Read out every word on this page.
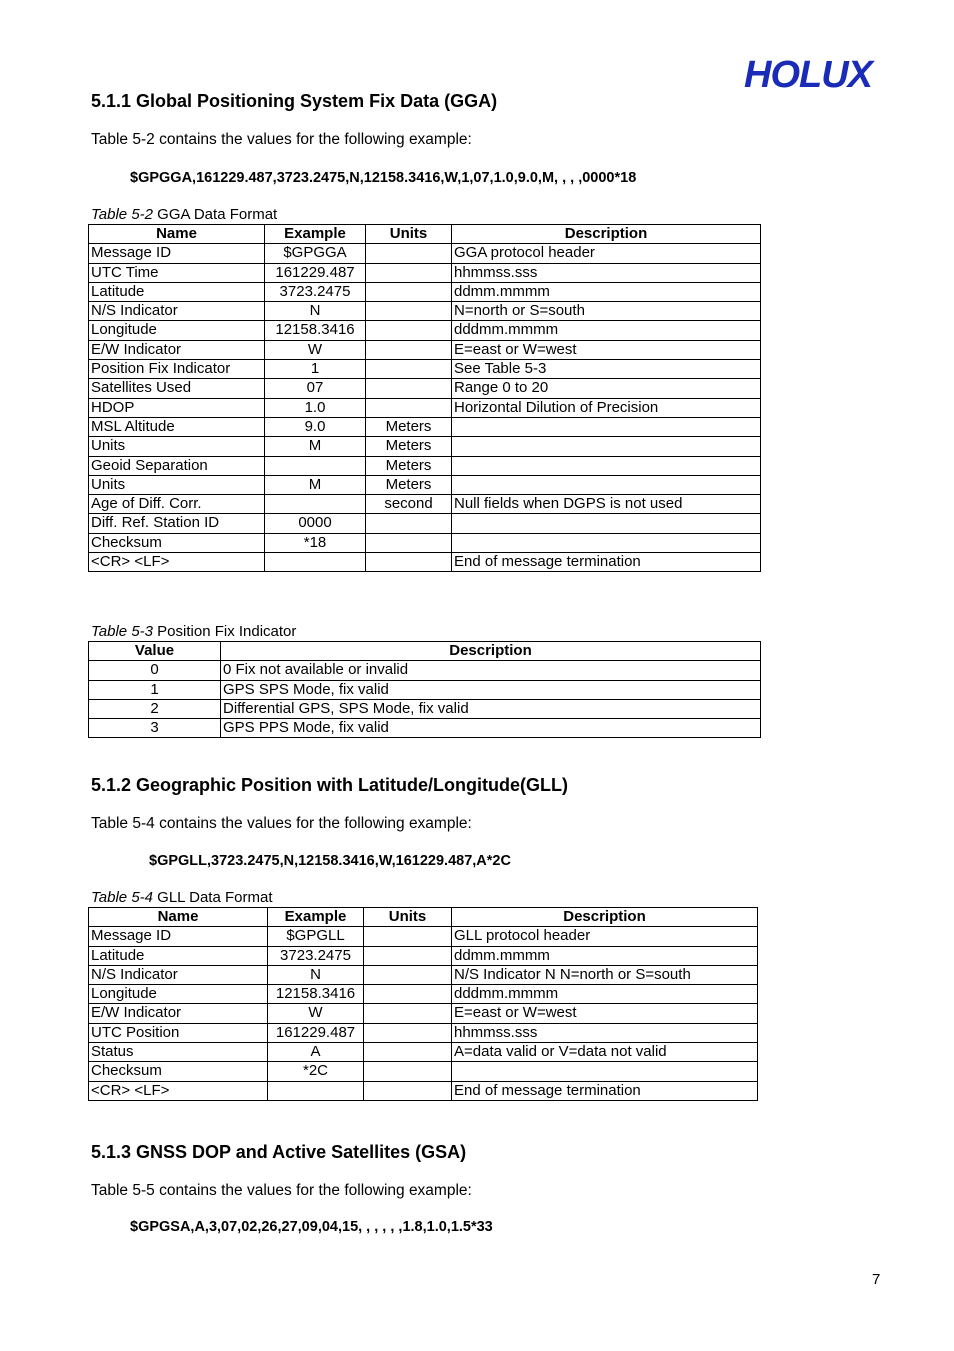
HOLUX
5.1.1 Global Positioning System Fix Data (GGA)

Table 5-2 contains the values for the following example:

$GPGGA,161229.487,3723.2475,N,12158.3416,W,1,07,1.0,9.0,M, , , ,0000*18

Table 5-2 GGA Data Format

Name	Example	Units	Description
Message ID	$GPGGA		GGA protocol header
UTC Time	161229.487		hhmmss.sss
Latitude	3723.2475		ddmm.mmmm
N/S Indicator	N		N=north or S=south
Longitude	12158.3416		dddmm.mmmm
E/W Indicator	W		E=east or W=west
Position Fix Indicator	1		See Table 5-3
Satellites Used	07		Range 0 to 20
HDOP	1.0		Horizontal Dilution of Precision
MSL Altitude	9.0	Meters	
Units	M	Meters	
Geoid Separation		Meters	
Units	M	Meters	
Age of Diff. Corr.		second	Null fields when DGPS is not used
Diff. Ref. Station ID	0000		
Checksum	*18		
<CR> <LF>			End of message termination

Table 5-3 Position Fix Indicator

Value	Description
0	0 Fix not available or invalid
1	GPS SPS Mode, fix valid
2	Differential GPS, SPS Mode, fix valid
3	GPS PPS Mode, fix valid
5.1.2 Geographic Position with Latitude/Longitude(GLL)

Table 5-4 contains the values for the following example:

$GPGLL,3723.2475,N,12158.3416,W,161229.487,A*2C

Table 5-4 GLL Data Format

Name	Example	Units	Description
Message ID	$GPGLL		GLL protocol header
Latitude	3723.2475		ddmm.mmmm
N/S Indicator	N		N/S Indicator N N=north or S=south
Longitude	12158.3416		dddmm.mmmm
E/W Indicator	W		E=east or W=west
UTC Position	161229.487		hhmmss.sss
Status	A		A=data valid or V=data not valid
Checksum	*2C		
<CR> <LF>			End of message termination
5.1.3 GNSS DOP and Active Satellites (GSA)

Table 5-5 contains the values for the following example:

$GPGSA,A,3,07,02,26,27,09,04,15, , , , , ,1.8,1.0,1.5*33

7
